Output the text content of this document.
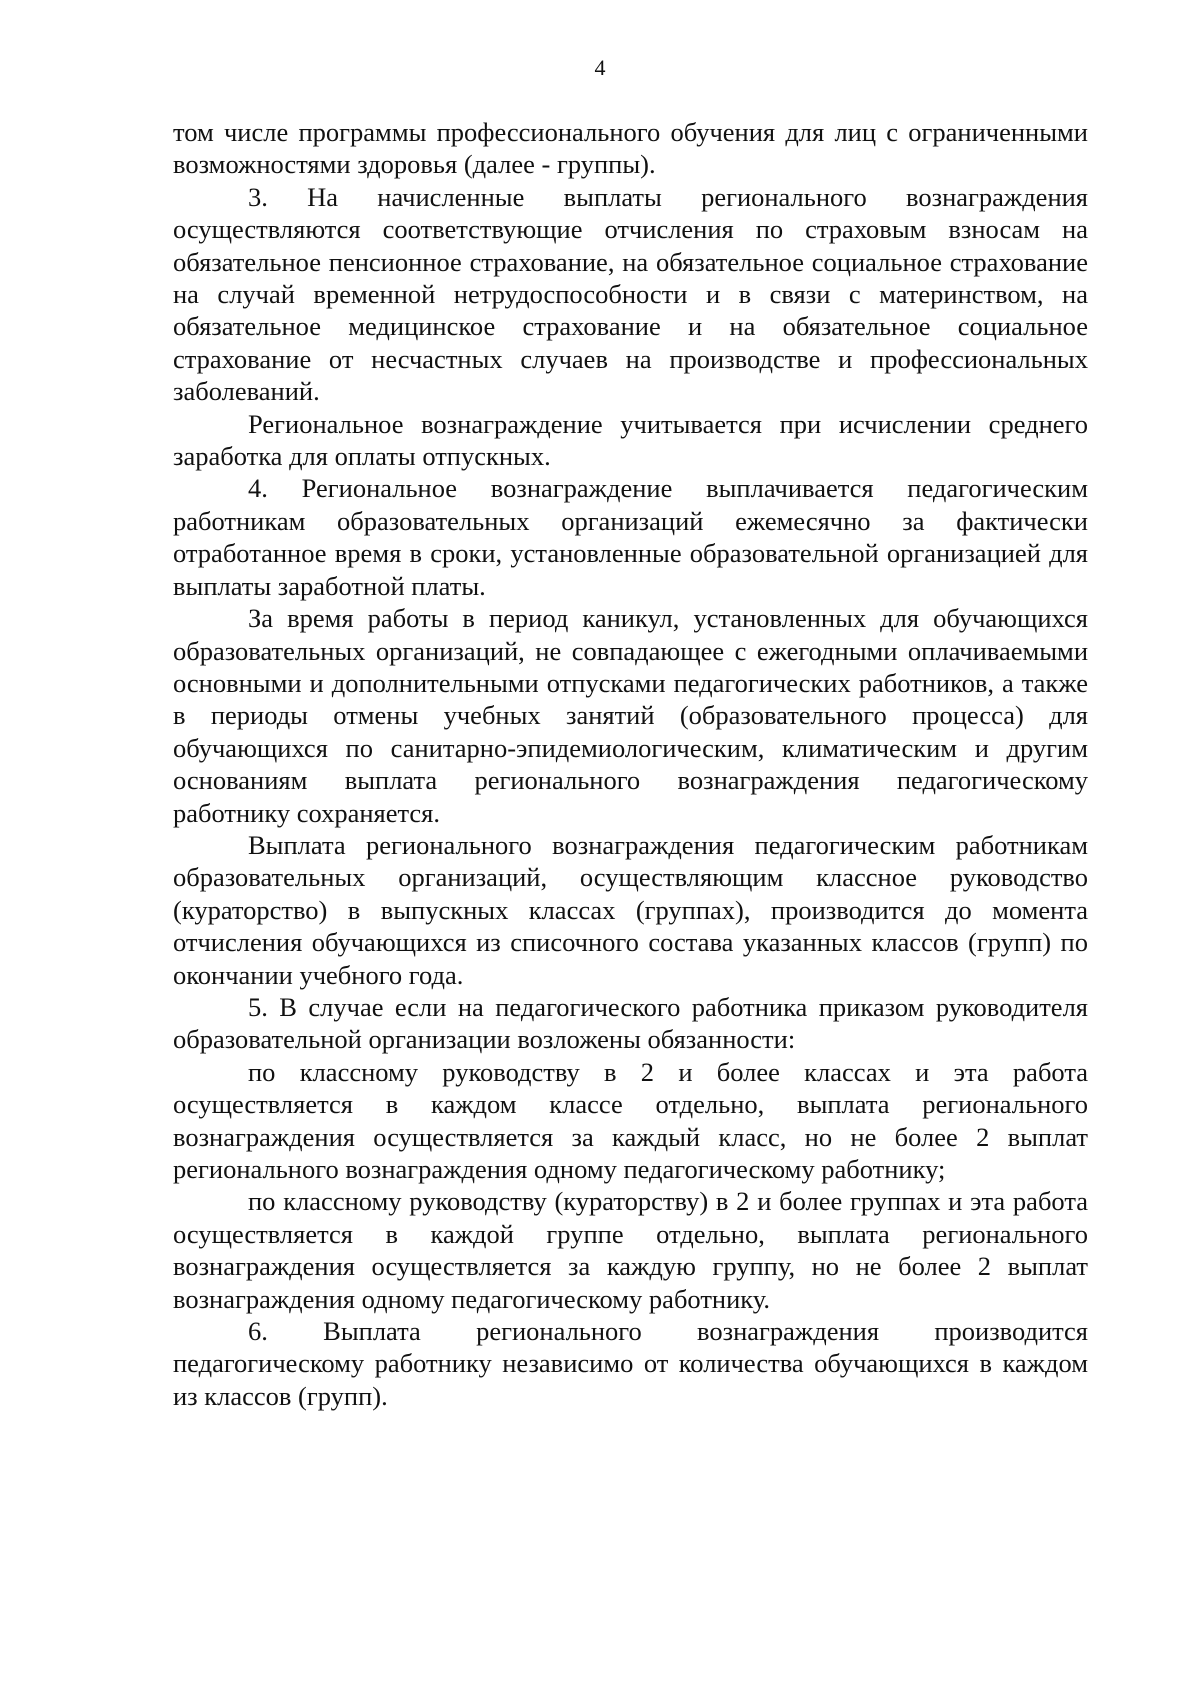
4

том числе программы профессионального обучения для лиц с ограниченными возможностями здоровья (далее - группы).

3. На начисленные выплаты регионального вознаграждения осуществляются соответствующие отчисления по страховым взносам на обязательное пенсионное страхование, на обязательное социальное страхование на случай временной нетрудоспособности и в связи с материнством, на обязательное медицинское страхование и на обязательное социальное страхование от несчастных случаев на производстве и профессиональных заболеваний.

Региональное вознаграждение учитывается при исчислении среднего заработка для оплаты отпускных.

4. Региональное вознаграждение выплачивается педагогическим работникам образовательных организаций ежемесячно за фактически отработанное время в сроки, установленные образовательной организацией для выплаты заработной платы.

За время работы в период каникул, установленных для обучающихся образовательных организаций, не совпадающее с ежегодными оплачиваемыми основными и дополнительными отпусками педагогических работников, а также в периоды отмены учебных занятий (образовательного процесса) для обучающихся по санитарно-эпидемиологическим, климатическим и другим основаниям выплата регионального вознаграждения педагогическому работнику сохраняется.

Выплата регионального вознаграждения педагогическим работникам образовательных организаций, осуществляющим классное руководство (кураторство) в выпускных классах (группах), производится до момента отчисления обучающихся из списочного состава указанных классов (групп) по окончании учебного года.

5. В случае если на педагогического работника приказом руководителя образовательной организации возложены обязанности:

по классному руководству в 2 и более классах и эта работа осуществляется в каждом классе отдельно, выплата регионального вознаграждения осуществляется за каждый класс, но не более 2 выплат регионального вознаграждения одному педагогическому работнику;

по классному руководству (кураторству) в 2 и более группах и эта работа осуществляется в каждой группе отдельно, выплата регионального вознаграждения осуществляется за каждую группу, но не более 2 выплат вознаграждения одному педагогическому работнику.

6. Выплата регионального вознаграждения производится педагогическому работнику независимо от количества обучающихся в каждом из классов (групп).
